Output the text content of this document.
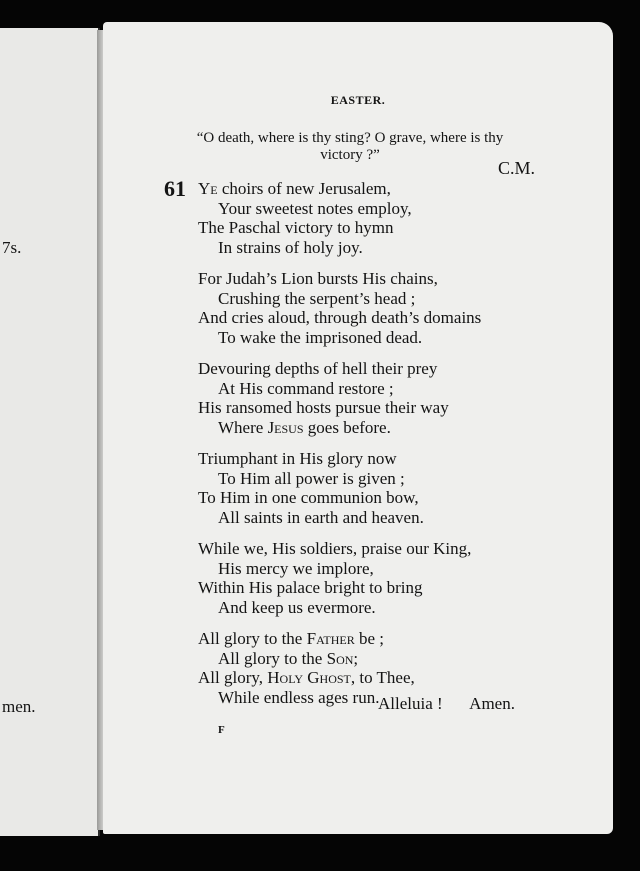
7s.
men.
EASTER.
“O death, where is thy sting? O grave, where is thy
victory ?”
C.M.
61 Ye choirs of new Jerusalem,
Your sweetest notes employ,
The Paschal victory to hymn
In strains of holy joy.
For Judah’s Lion bursts His chains,
Crushing the serpent’s head ;
And cries aloud, through death’s domains
To wake the imprisoned dead.
Devouring depths of hell their prey
At His command restore ;
His ransomed hosts pursue their way
Where Jesus goes before.
Triumphant in His glory now
To Him all power is given ;
To Him in one communion bow,
All saints in earth and heaven.
While we, His soldiers, praise our King,
His mercy we implore,
Within His palace bright to bring
And keep us evermore.
All glory to the Father be ;
All glory to the Son;
All glory, Holy Ghost, to Thee,
While endless ages run.
Alleluia ! Amen.
F
